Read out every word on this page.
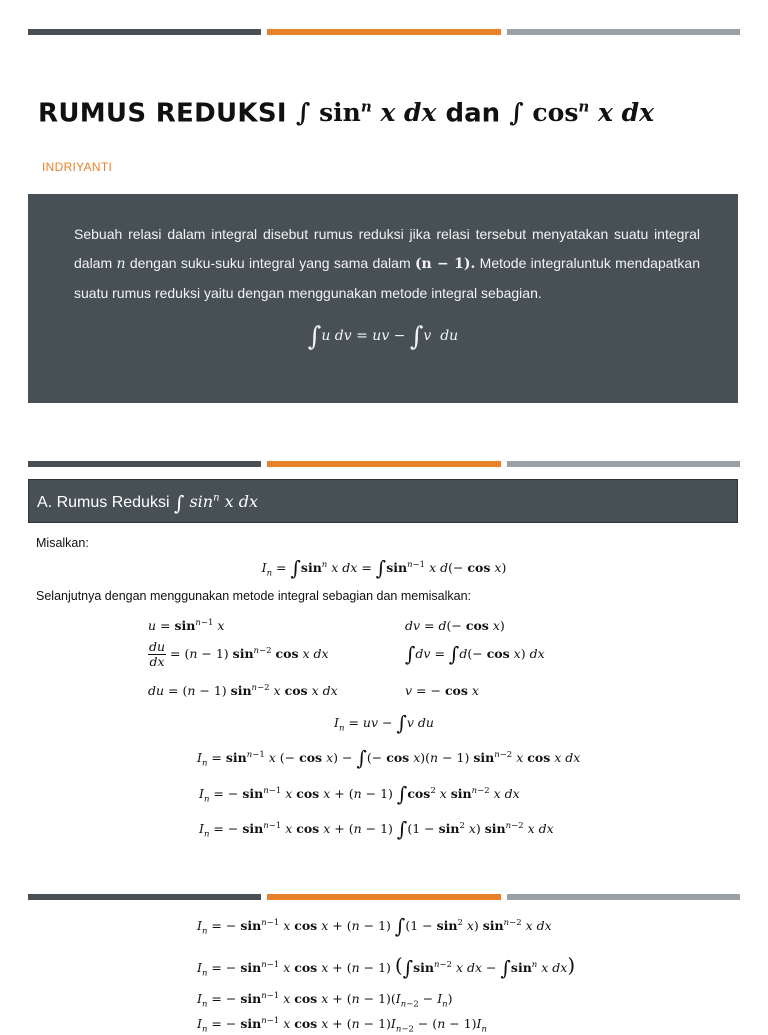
RUMUS REDUKSI ∫ $\sin^n x$ dx dan ∫ $\cos^n x$ dx
INDRIYANTI
Sebuah relasi dalam integral disebut rumus reduksi jika relasi tersebut menyatakan suatu integral dalam n dengan suku-suku integral yang sama dalam (n − 1). Metode integraluntuk mendapatkan suatu rumus reduksi yaitu dengan menggunakan metode integral sebagian.
∫u dv = uv − ∫v  du
A. Rumus Reduksi ∫ $\sin^n x$ dx
Misalkan:
$I_n = \int\sin^n$ x dx = $\int\sin^{n-1}$ x d(− cos x)
Selanjutnya dengan menggunakan metode integral sebagian dan memisalkan:
$u = \sin^{n-1} x$	dv = d(− cos x)
$\frac{du}{dx} = (n - 1)$ $\sin^{n-2} \cos x$ dx	∫dv = ∫d(− cos x) dx
du = (n − 1) $\sin^{n-2} x$ cos x dx	v = − cos x
$I_n$ = uv − ∫v du
$I_n = \sin^{n-1} x$ (− cos x) − ∫(− cos x)(n − 1) $\sin^{n-2} x$ cos x dx
$I_n$ = − $\sin^{n-1} x$ cos x + (n − 1) $\int\cos^2$ x $\sin^{n-2} x$ dx
$I_n$ = − $\sin^{n-1} x$ cos x + (n − 1) $\int(1 - \sin^2 x)$ $\sin^{n-2} x$ dx
$I_n$ = − $\sin^{n-1} x$ cos x + (n − 1) $\int(1 - \sin^2 x)$ $\sin^{n-2} x$ dx
$I_n$ = − $\sin^{n-1} x$ cos x + (n − 1) ($\int\sin^{n-2}$ x dx − $\int\sin^n$ x dx)
$I_n$ = − $\sin^{n-1} x$ $\cos x + (n - 1)(I_{n-2} - I_n)$
$I_n$ = − $\sin^{n-1} x$ $\cos x + (n - 1)I_{n-2} - (n - 1)I_n$
